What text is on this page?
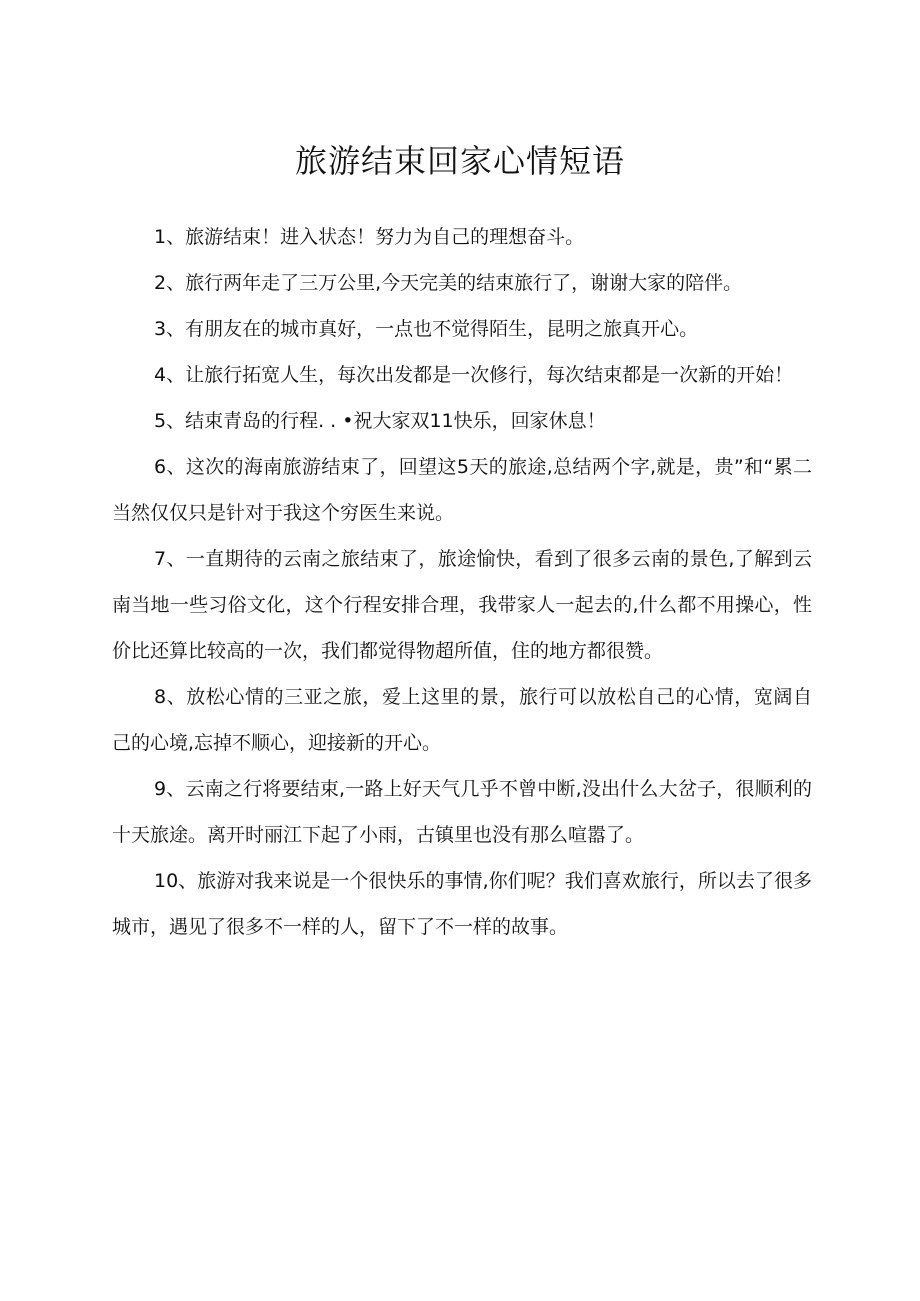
旅游结束回家心情短语

1、旅游结束！进入状态！努力为自己的理想奋斗。

2、旅行两年走了三万公里,今天完美的结束旅行了，谢谢大家的陪伴。

3、有朋友在的城市真好，一点也不觉得陌生，昆明之旅真开心。

4、让旅行拓宽人生，每次出发都是一次修行，每次结束都是一次新的开始！

5、结束青岛的行程. . •祝大家双11快乐，回家休息！

6、这次的海南旅游结束了，回望这5天的旅途,总结两个字,就是，贵”和“累二当然仅仅只是针对于我这个穷医生来说。

7、一直期待的云南之旅结束了，旅途愉快，看到了很多云南的景色,了解到云南当地一些习俗文化，这个行程安排合理，我带家人一起去的,什么都不用操心，性价比还算比较高的一次，我们都觉得物超所值，住的地方都很赞。

8、放松心情的三亚之旅，爱上这里的景，旅行可以放松自己的心情，宽阔自己的心境,忘掉不顺心，迎接新的开心。

9、云南之行将要结束,一路上好天气几乎不曾中断,没出什么大岔子，很顺利的十天旅途。离开时丽江下起了小雨，古镇里也没有那么喧嚣了。

10、旅游对我来说是一个很快乐的事情,你们呢？我们喜欢旅行，所以去了很多城市，遇见了很多不一样的人，留下了不一样的故事。
